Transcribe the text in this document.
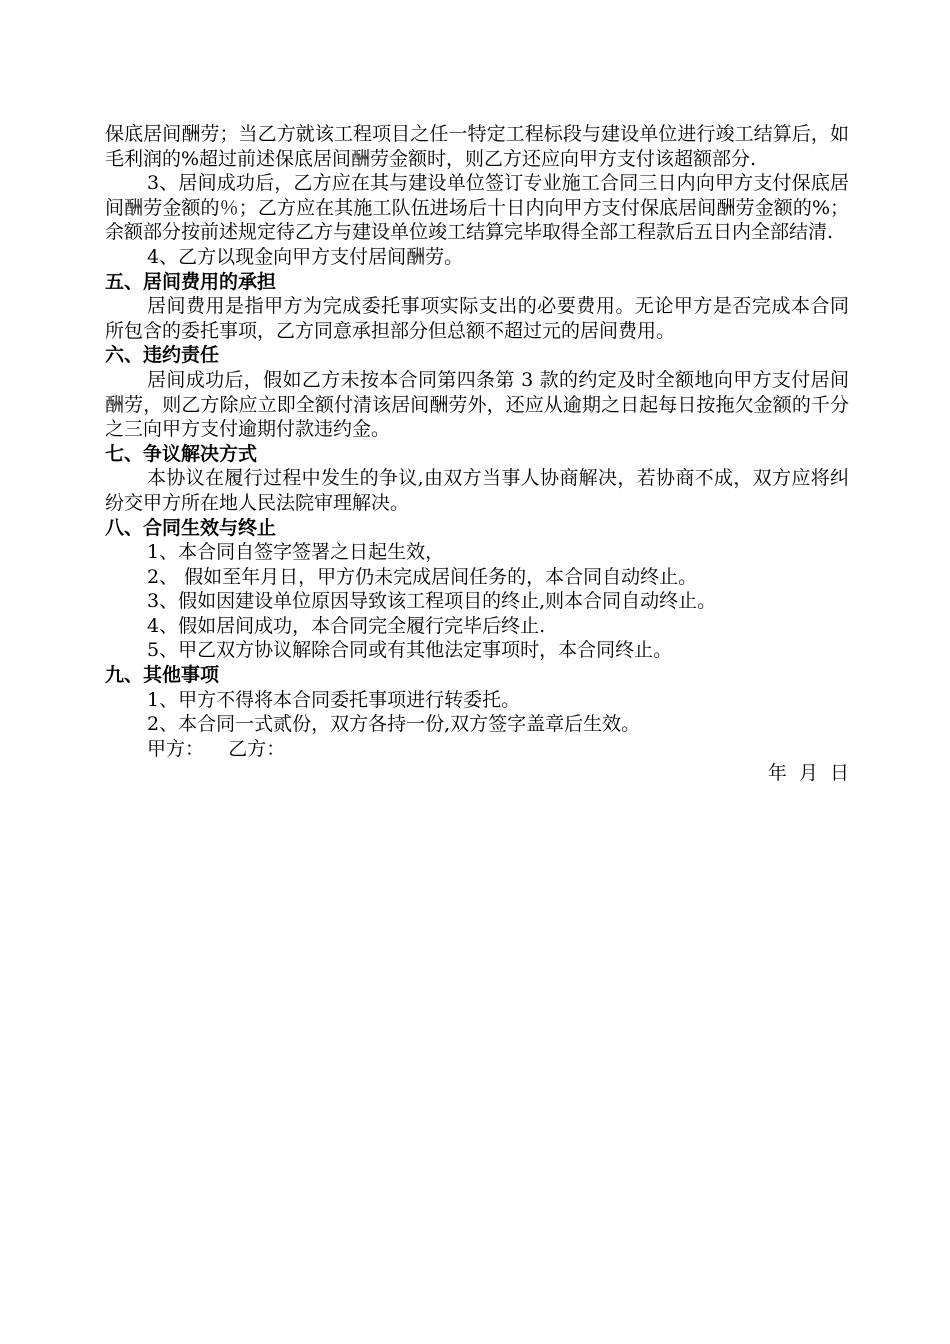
保底居间酬劳；当乙方就该工程项目之任一特定工程标段与建设单位进行竣工结算后，如毛利润的%超过前述保底居间酬劳金额时，则乙方还应向甲方支付该超额部分.

3、居间成功后，乙方应在其与建设单位签订专业施工合同三日内向甲方支付保底居间酬劳金额的％；乙方应在其施工队伍进场后十日内向甲方支付保底居间酬劳金额的%；余额部分按前述规定待乙方与建设单位竣工结算完毕取得全部工程款后五日内全部结清.

4、乙方以现金向甲方支付居间酬劳。

五、居间费用的承担

居间费用是指甲方为完成委托事项实际支出的必要费用。无论甲方是否完成本合同所包含的委托事项，乙方同意承担部分但总额不超过元的居间费用。

六、违约责任

居间成功后，假如乙方未按本合同第四条第 3 款的约定及时全额地向甲方支付居间酬劳，则乙方除应立即全额付清该居间酬劳外，还应从逾期之日起每日按拖欠金额的千分之三向甲方支付逾期付款违约金。

七、争议解决方式

本协议在履行过程中发生的争议,由双方当事人协商解决，若协商不成，双方应将纠纷交甲方所在地人民法院审理解决。

八、合同生效与终止

1、本合同自签字签署之日起生效，

2、 假如至年月日，甲方仍未完成居间任务的，本合同自动终止。

3、假如因建设单位原因导致该工程项目的终止,则本合同自动终止。

4、假如居间成功，本合同完全履行完毕后终止.

5、甲乙双方协议解除合同或有其他法定事项时，本合同终止。

九、其他事项

1、甲方不得将本合同委托事项进行转委托。

2、本合同一式贰份，双方各持一份,双方签字盖章后生效。

甲方： 乙方：

年 月 日
